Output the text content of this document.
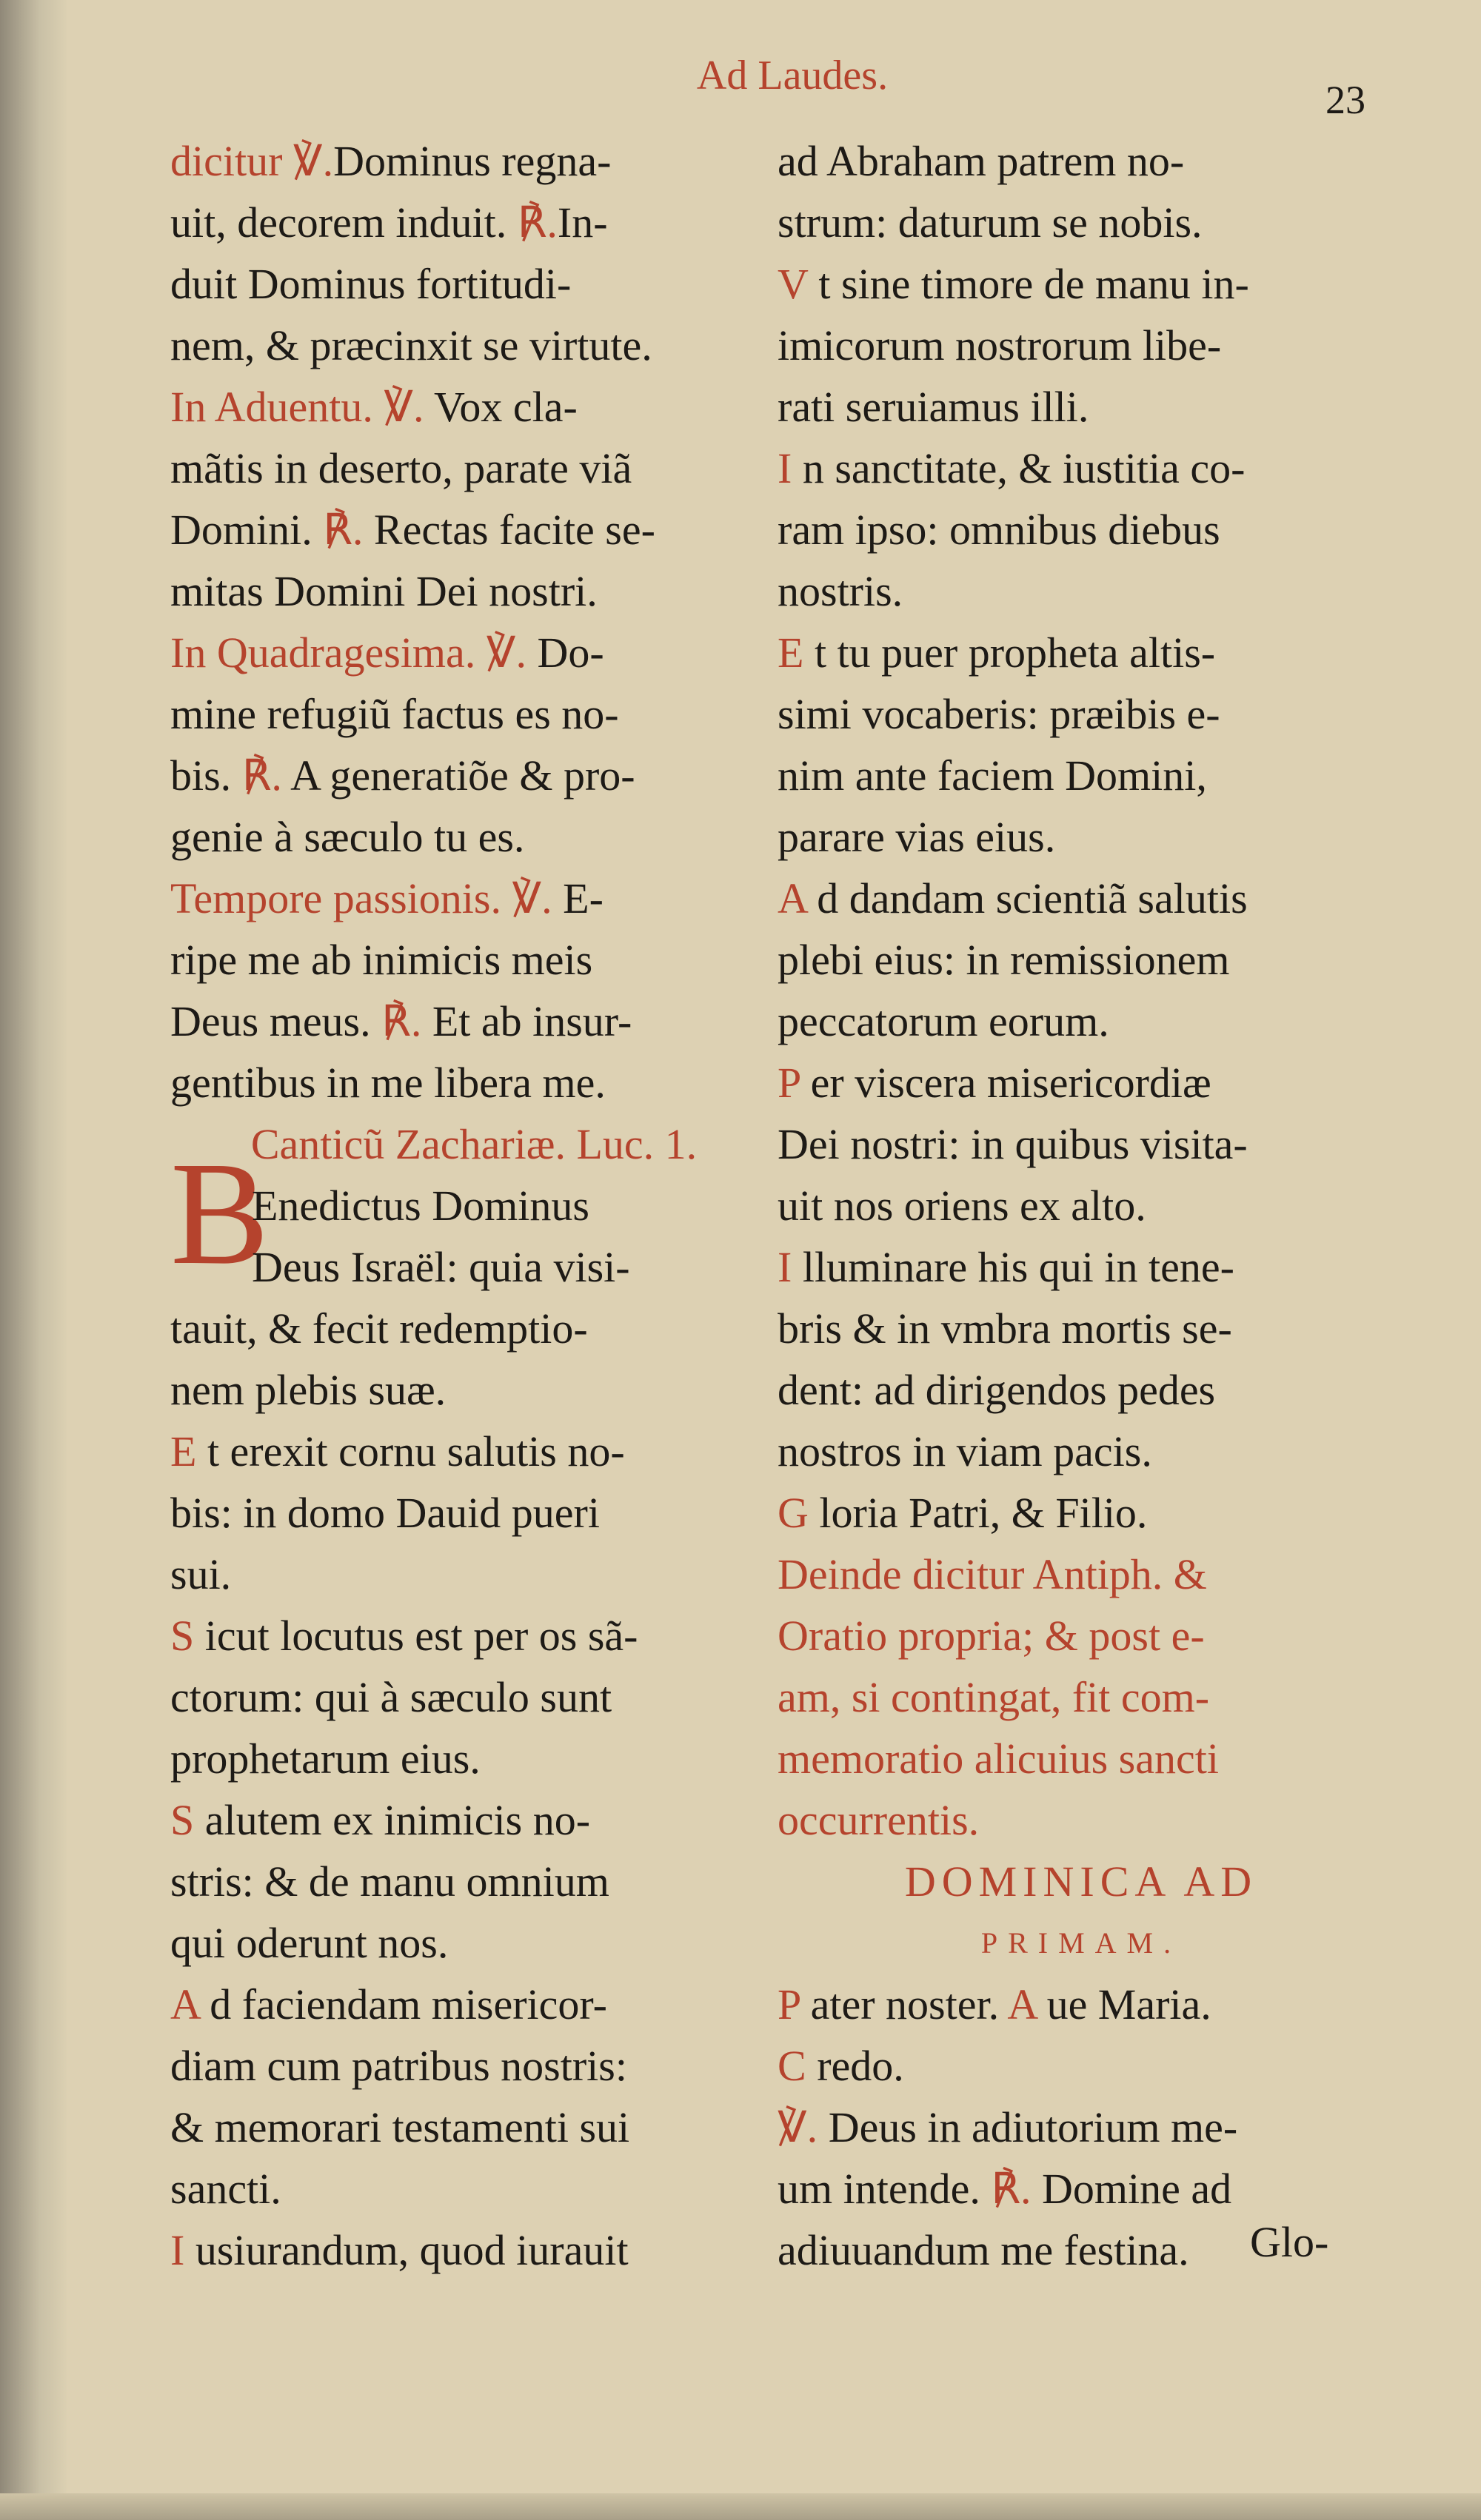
Ad Laudes.
23
B
dicitur ℣.Dominus regna-
uit, decorem induit. ℟.In-
duit Dominus fortitudi-
nem, & præcinxit se virtute.
In Aduentu. ℣. Vox cla-
mãtis in deserto, parate viã
Domini. ℟. Rectas facite se-
mitas Domini Dei nostri.
In Quadragesima. ℣. Do-
mine refugiũ factus es no-
bis. ℟. A generatiõe & pro-
genie à sæculo tu es.
Tempore passionis. ℣. E-
ripe me ab inimicis meis
Deus meus. ℟. Et ab insur-
gentibus in me libera me.
Canticũ Zachariæ. Luc. 1.
Enedictus Dominus
Deus Israël: quia visi-
tauit, & fecit redemptio-
nem plebis suæ.
E t erexit cornu salutis no-
bis: in domo Dauid pueri
sui.
S icut locutus est per os sã-
ctorum: qui à sæculo sunt
prophetarum eius.
S alutem ex inimicis no-
stris: & de manu omnium
qui oderunt nos.
A d faciendam misericor-
diam cum patribus nostris:
& memorari testamenti sui
sancti.
I usiurandum, quod iurauit
ad Abraham patrem no-
strum: daturum se nobis.
V t sine timore de manu in-
imicorum nostrorum libe-
rati seruiamus illi.
I n sanctitate, & iustitia co-
ram ipso: omnibus diebus
nostris.
E t tu puer propheta altis-
simi vocaberis: præibis e-
nim ante faciem Domini,
parare vias eius.
A d dandam scientiã salutis
plebi eius: in remissionem
peccatorum eorum.
P er viscera misericordiæ
Dei nostri: in quibus visita-
uit nos oriens ex alto.
I lluminare his qui in tene-
bris & in vmbra mortis se-
dent: ad dirigendos pedes
nostros in viam pacis.
G loria Patri, & Filio.
Deinde dicitur Antiph. &
Oratio propria; & post e-
am, si contingat, fit com-
memoratio alicuius sancti
occurrentis.
DOMINICA AD
PRIMAM.
P ater noster. A ue Maria.
C redo.
℣. Deus in adiutorium me-
um intende. ℟. Domine ad
adiuuandum me festina.	Glo-
